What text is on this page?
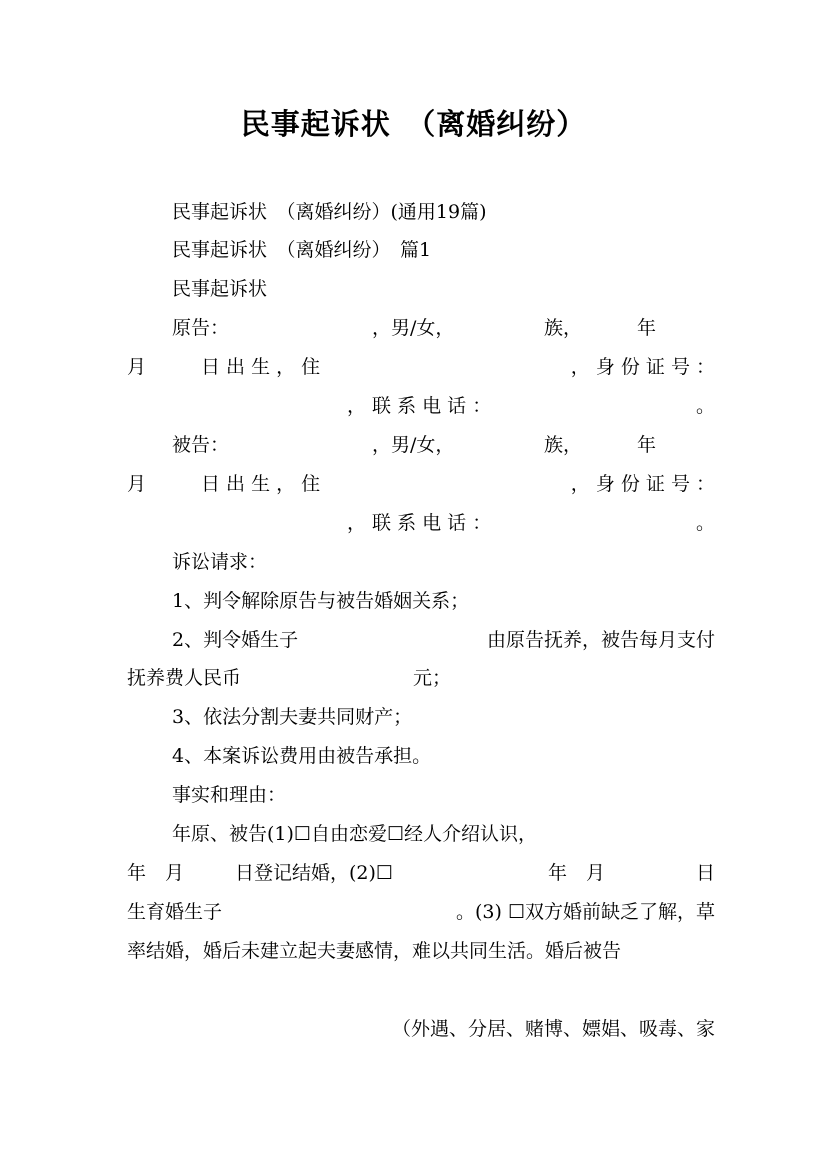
民事起诉状　（离婚纠纷）
民事起诉状　（离婚纠纷）(通用19篇)
民事起诉状　（离婚纠纷）　篇1
民事起诉状
原告：	，男/女，	族，	年
月	日 出 生 ， 住	， 身 份 证 号 ：
， 联 系 电 话 ：	。
被告：	，男/女，	族，	年
月	日 出 生 ， 住	， 身 份 证 号 ：
， 联 系 电 话 ：	。
诉讼请求：
1、判令解除原告与被告婚姻关系；
2、判令婚生子	由原告抚养，被告每月支付
抚养费人民币	元；
3、依法分割夫妻共同财产；
4、本案诉讼费用由被告承担。
事实和理由：
年原、被告(1)☐自由恋爱☐经人介绍认识，
年　月	日登记结婚，(2)☐	年　月	日
生育婚生子	。(3) ☐双方婚前缺乏了解，草
率结婚，婚后未建立起夫妻感情，难以共同生活。婚后被告
（外遇、分居、赌博、嫖娼、吸毒、家
